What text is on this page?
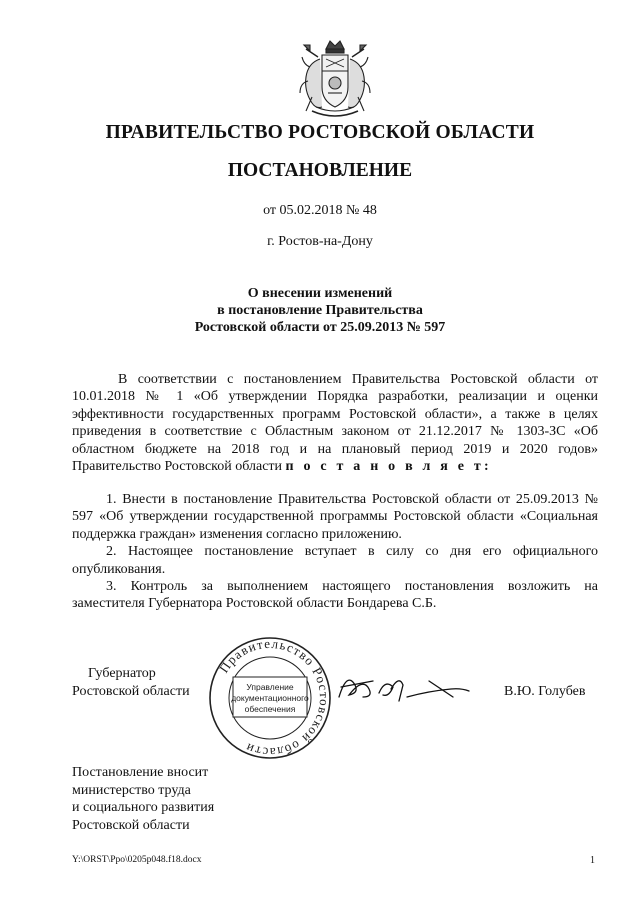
ПРАВИТЕЛЬСТВО РОСТОВСКОЙ ОБЛАСТИ
ПОСТАНОВЛЕНИЕ
от 05.02.2018 № 48
г. Ростов-на-Дону
О внесении изменений
в постановление Правительства
Ростовской области от 25.09.2013 № 597

В соответствии с постановлением Правительства Ростовской области от 10.01.2018 № 1 «Об утверждении Порядка разработки, реализации и оценки эффективности государственных программ Ростовской области», а также в целях приведения в соответствие с Областным законом от 21.12.2017 № 1303-ЗС «Об областном бюджете на 2018 год и на плановый период 2019 и 2020 годов» Правительство Ростовской области п о с т а н о в л я е т:

1. Внести в постановление Правительства Ростовской области от 25.09.2013 № 597 «Об утверждении государственной программы Ростовской области «Социальная поддержка граждан» изменения согласно приложению.

2. Настоящее постановление вступает в силу со дня его официального опубликования.

3. Контроль за выполнением настоящего постановления возложить на заместителя Губернатора Ростовской области Бондарева С.Б.

Губернатор
Ростовской области
Правительство Ростовской области
Управление
документационного
обеспечения
В.Ю. Голубев
Постановление вносит
министерство труда
и социального развития
Ростовской области
Y:\ORST\Ppo\0205p048.f18.docx	1
